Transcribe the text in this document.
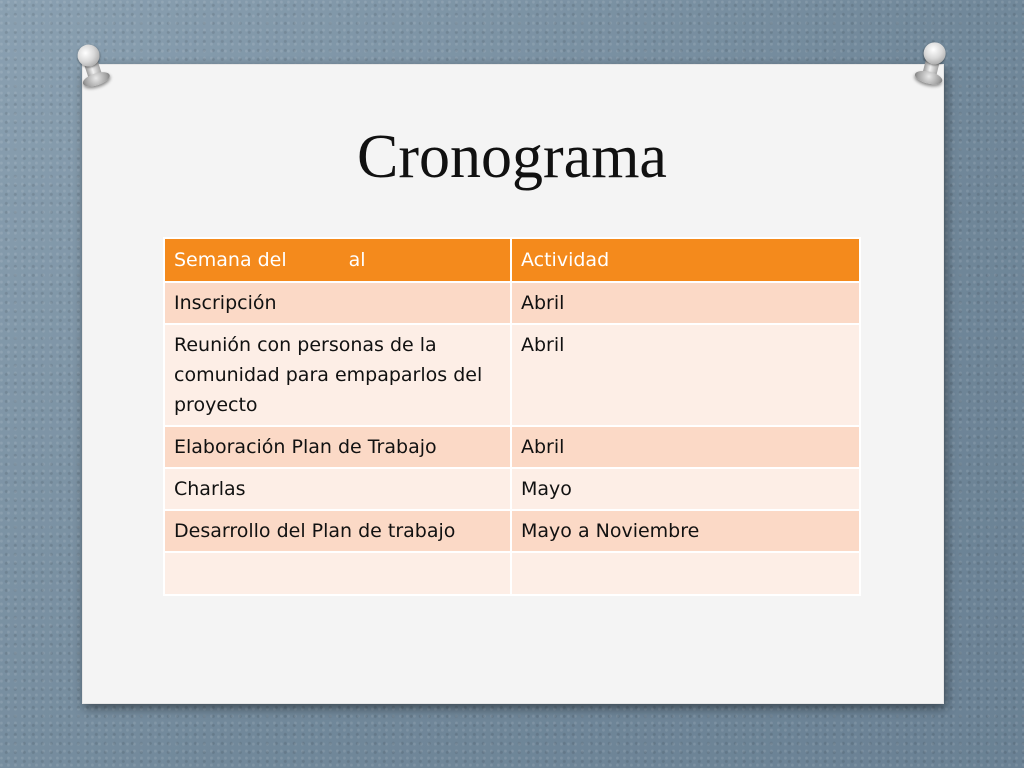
Cronograma
Semana del al	Actividad
Inscripción	Abril
Reunión con personas de la comunidad para empaparlos del proyecto	Abril
Elaboración Plan de Trabajo	Abril
Charlas	Mayo
Desarrollo del Plan de trabajo	Mayo a Noviembre
